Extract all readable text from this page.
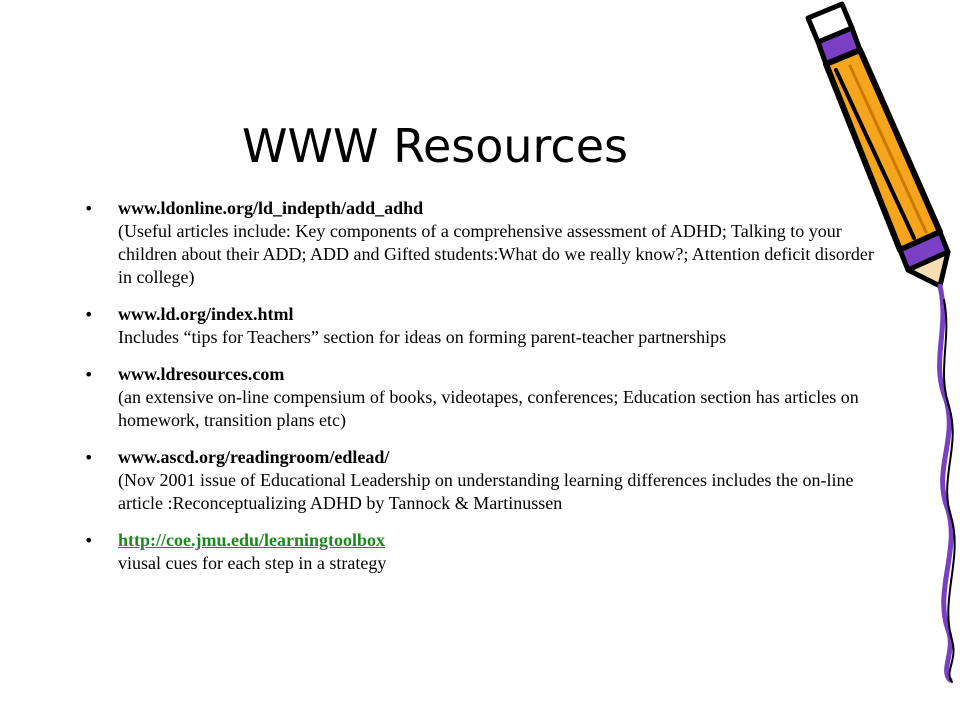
WWW Resources
• www.ldonline.org/ld_indepth/add_adhd
(Useful articles include: Key components of a comprehensive assessment of ADHD; Talking to your children about their ADD; ADD and Gifted students:What do we really know?; Attention deficit disorder in college)
• www.ld.org/index.html
Includes “tips for Teachers” section for ideas on forming parent-teacher partnerships
• www.ldresources.com
(an extensive on-line compensium of books, videotapes, conferences; Education section has articles on homework, transition plans etc)
• www.ascd.org/readingroom/edlead/
(Nov 2001 issue of Educational Leadership on understanding learning differences includes the on-line article :Reconceptualizing ADHD by Tannock & Martinussen
• http://coe.jmu.edu/learningtoolbox
viusal cues for each step in a strategy
